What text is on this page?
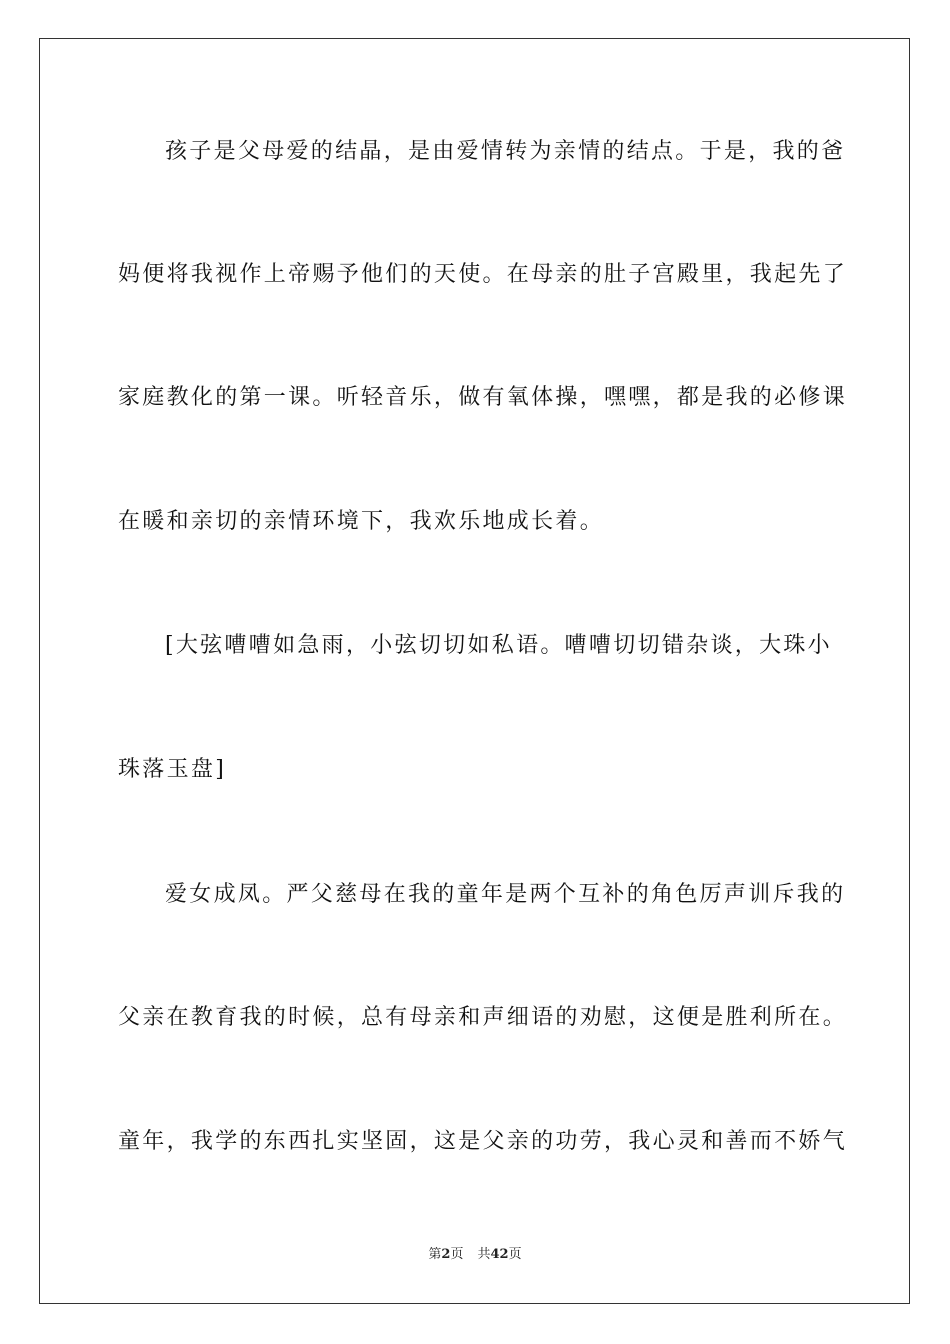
孩子是父母爱的结晶，是由爱情转为亲情的结点。于是，我的爸
妈便将我视作上帝赐予他们的天使。在母亲的肚子宫殿里，我起先了
家庭教化的第一课。听轻音乐，做有氧体操，嘿嘿，都是我的必修课
在暖和亲切的亲情环境下，我欢乐地成长着。
[大弦嘈嘈如急雨，小弦切切如私语。嘈嘈切切错杂谈，大珠小
珠落玉盘]
爱女成凤。严父慈母在我的童年是两个互补的角色厉声训斥我的
父亲在教育我的时候，总有母亲和声细语的劝慰，这便是胜利所在。
童年，我学的东西扎实坚固，这是父亲的功劳，我心灵和善而不娇气
第2页 共42页
